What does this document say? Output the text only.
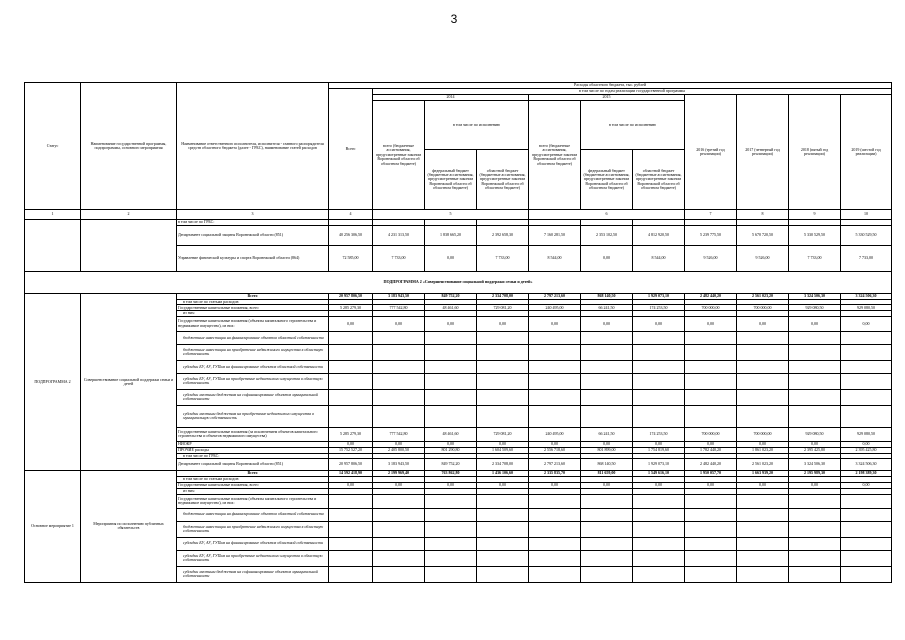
3
Статус	Наименование государственной программы, подпрограммы, основного мероприятия	Наименование ответственного исполнителя, исполнителя - главного распорядителя средств областного бюджета (далее - ГРБС), наименование статей расходов	Расходы областного бюджета, тыс. рублей											
			Всего	в том числе по годам реализации государственной программы										
				2014			2015			2016 (третий год реализации)	2017 (четвертый год реализации)	2018 (пятый год реализации)	2019 (шестой год реализации)	
				всего (бюджетные ассигнования, предусмотренные законом Воронежской области об областном бюджете)	в том числе по исполнению		всего (бюджетные ассигнования, предусмотренные законом Воронежской области об областном бюджете)	в том числе по исполнению						
					федеральный бюджет (бюджетные ассигнования, предусмотренные законом Воронежской области об областном бюджете)	областной бюджет (бюджетные ассигнования, предусмотренные законом Воронежской области об областном бюджете)		федеральный бюджет (бюджетные ассигнования, предусмотренные законом Воронежской области об областном бюджете)	областной бюджет (бюджетные ассигнования, предусмотренные законом Воронежской области об областном бюджете)					
1	2	3	4	5			6			7	8	9	10	
		в том числе по ГРБС:												
		Департамент социальной защиты Воронежской области (851)	40 256 306,50	4 231 313,50	1 838 665,20	2 392 658,30	7 160 281,50	2 353 102,50	4 812 920,50	5 239 775,50	5 670 720,50	5 330 529,50	5 330 529,50	
		Управление физической культуры и спорта Воронежской области (864)	72 585,00	7 733,00	0,00	7 733,00	8 544,00	0,00	8 544,00	9 526,00	9 526,00	7 733,00	7 733,00	
ПОДПРОГРАММА 2 «Совершенствование социальной поддержки семьи и детей»														
ПОДПРОГРАММА 2	Совершенствование социальной поддержки семьи и детей	Всего	20 957 806,50	3 183 943,50	849 752,20	2 334 708,00	2 797 213,60	868 140,50	1 929 073,10	2 482 440,20	2 561 023,20	3 324 506,30	3 324 506,30	
		в том числе по статьям расходов:												
		Государственные капитальные вложения, всего	5 285 279,30	777 542,80	48 461,60	729 081,20	240 495,00	66 241,50	174 253,50	700 000,00	700 000,00	929 080,50	929 080,50	
		из них:												
		Государственные капитальные вложения (объекты капитального строительства и недвижимое имущество), из них:	0,00	0,00	0,00	0,00	0,00	0,00	0,00	0,00	0,00	0,00	0,00	
		бюджетные инвестиции на финансирование объектов областной собственности												
		бюджетные инвестиции на приобретение недвижимого имущества в областную собственность												
		субсидии БУ, АУ, ГУПам на финансирование объектов областной собственности												
		субсидии БУ, АУ, ГУПам на приобретение недвижимого имущества в областную собственность												
		субсидии местным бюджетам на софинансирование объектов муниципальной собственности												
		субсидии местным бюджетам на приобретение недвижимого имущества в муниципальную собственность												
		Государственные капитальные вложения (за исключением объектов капитального строительства и объектов недвижимого имущества)	5 285 279,30	777 542,80	48 461,60	729 081,20	240 495,00	66 241,50	174 253,50	700 000,00	700 000,00	929 080,50	929 080,50	
		НИОКР	0,00	0,00	0,00	0,00	0,00	0,00	0,00	0,00	0,00	0,00	0,00	
		ПРОЧИЕ расходы	15 752 527,20	2 405 800,50	801 290,80	1 604 509,60	2 556 718,60	801 899,00	1 754 819,60	1 782 440,20	1 861 023,20	2 395 425,80	2 395 425,80	
		в том числе по ГРБС:												
		Департамент социальной защиты Воронежской области (851)	20 957 806,50	3 183 943,50	849 752,20	2 334 708,00	2 797 213,60	868 140,50	1 929 073,10	2 482 440,20	2 561 023,20	3 324 506,30	3 324 506,30	
Основное мероприятие 1	Мероприятия по исполнению публичных обязательств	Всего	14 592 418,90	2 199 969,40	763 862,80	1 436 106,60	2 335 835,70	811 659,00	1 549 616,10	1 950 057,70	1 663 939,20	2 195 989,30	2 198 389,30	
		в том числе по статьям расходов:												
		Государственные капитальные вложения, всего	0,00	0,00	0,00	0,00	0,00	0,00	0,00	0,00	0,00	0,00	0,00	
		из них:												
		Государственные капитальные вложения (объекты капитального строительства и недвижимое имущество), из них:												
		бюджетные инвестиции на финансирование объектов областной собственности												
		бюджетные инвестиции на приобретение недвижимого имущества в областную собственность												
		субсидии БУ, АУ, ГУПам на финансирование объектов областной собственности												
		субсидии БУ, АУ, ГУПам на приобретение недвижимого имущества в областную собственность												
		субсидии местным бюджетам на софинансирование объектов муниципальной собственности												
